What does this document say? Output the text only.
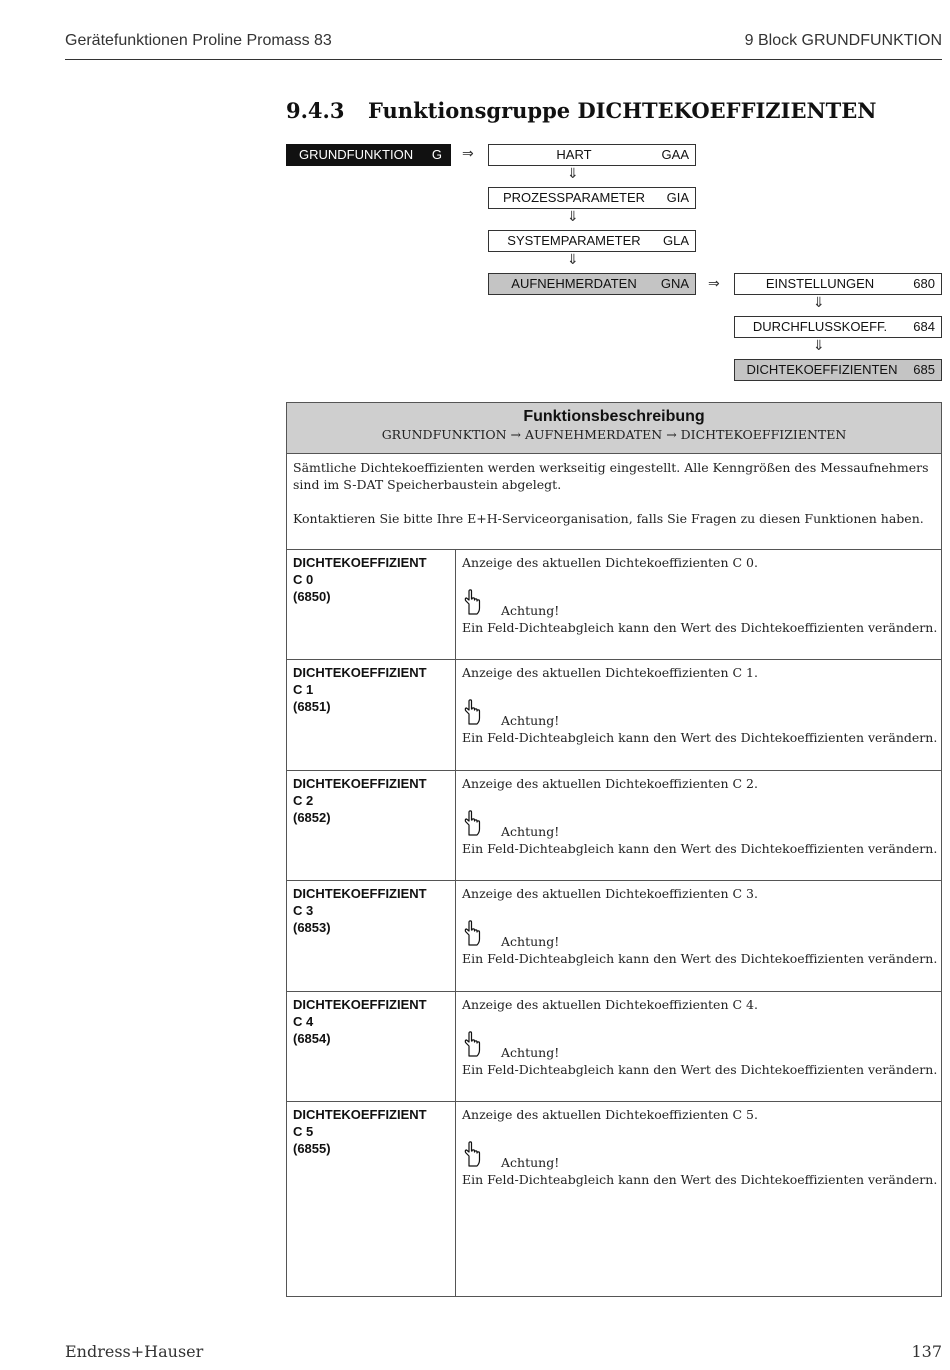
Gerätefunktionen Proline Promass 83	9 Block GRUNDFUNKTION
9.4.3 Funktionsgruppe DICHTEKOEFFIZIENTEN
GRUNDFUNKTION G ⇒	HART	GAA
⇓
PROZESSPARAMETER	GIA
⇓
SYSTEMPARAMETER	GLA
⇓
AUFNEHMERDATEN	GNA ⇒	EINSTELLUNGEN	680
⇓
DURCHFLUSSKOEFF.	684
⇓
DICHTEKOEFFIZIENTEN	685
Funktionsbeschreibung
GRUNDFUNKTION → AUFNEHMERDATEN → DICHTEKOEFFIZIENTEN

Sämtliche Dichtekoeffizienten werden werkseitig eingestellt. Alle Kenngrößen des Messaufnehmers sind im S-DAT Speicherbaustein abgelegt.

Kontaktieren Sie bitte Ihre E+H-Serviceorganisation, falls Sie Fragen zu diesen Funktionen haben.

DICHTEKOEFFIZIENT
C 0
(6850)
Anzeige des aktuellen Dichtekoeffizienten C 0.
Achtung!
Ein Feld-Dichteabgleich kann den Wert des Dichtekoeffizienten verändern.
DICHTEKOEFFIZIENT
C 1
(6851)
Anzeige des aktuellen Dichtekoeffizienten C 1.
Achtung!
Ein Feld-Dichteabgleich kann den Wert des Dichtekoeffizienten verändern.
DICHTEKOEFFIZIENT
C 2
(6852)
Anzeige des aktuellen Dichtekoeffizienten C 2.
Achtung!
Ein Feld-Dichteabgleich kann den Wert des Dichtekoeffizienten verändern.
DICHTEKOEFFIZIENT
C 3
(6853)
Anzeige des aktuellen Dichtekoeffizienten C 3.
Achtung!
Ein Feld-Dichteabgleich kann den Wert des Dichtekoeffizienten verändern.
DICHTEKOEFFIZIENT
C 4
(6854)
Anzeige des aktuellen Dichtekoeffizienten C 4.
Achtung!
Ein Feld-Dichteabgleich kann den Wert des Dichtekoeffizienten verändern.
DICHTEKOEFFIZIENT
C 5
(6855)
Anzeige des aktuellen Dichtekoeffizienten C 5.
Achtung!
Ein Feld-Dichteabgleich kann den Wert des Dichtekoeffizienten verändern.
Endress+Hauser	137
